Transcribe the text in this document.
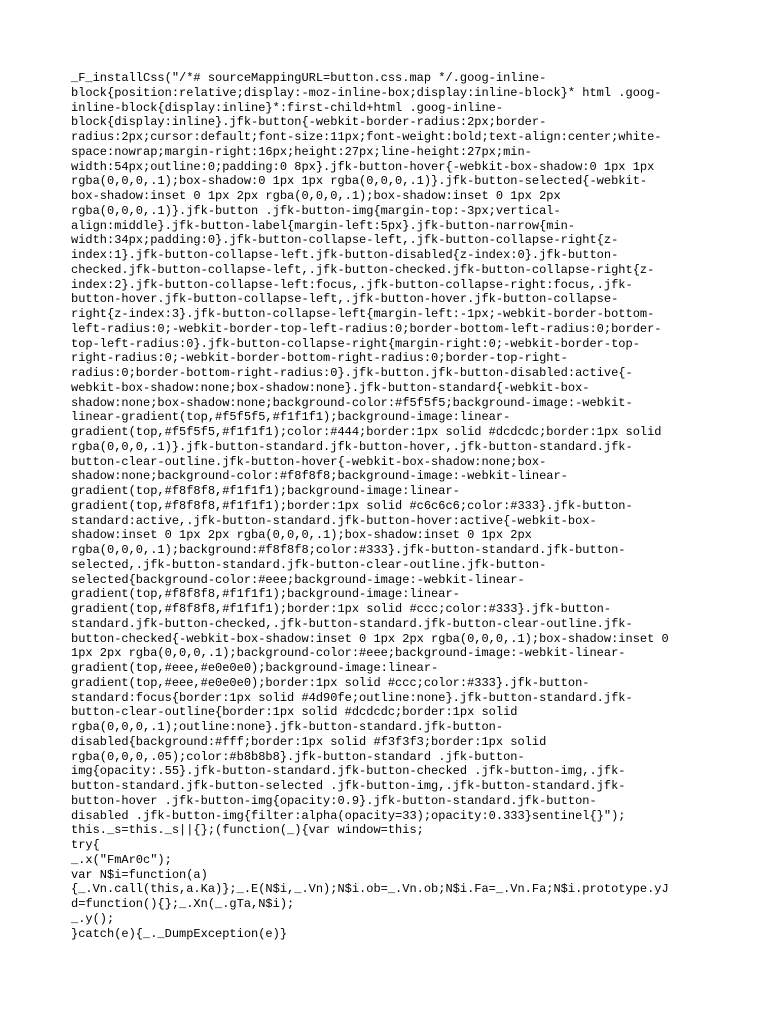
_F_installCss("/*# sourceMappingURL=button.css.map */.goog-inline-
block{position:relative;display:-moz-inline-box;display:inline-block}* html .goog-
inline-block{display:inline}*:first-child+html .goog-inline-
block{display:inline}.jfk-button{-webkit-border-radius:2px;border-
radius:2px;cursor:default;font-size:11px;font-weight:bold;text-align:center;white-
space:nowrap;margin-right:16px;height:27px;line-height:27px;min-
width:54px;outline:0;padding:0 8px}.jfk-button-hover{-webkit-box-shadow:0 1px 1px
rgba(0,0,0,.1);box-shadow:0 1px 1px rgba(0,0,0,.1)}.jfk-button-selected{-webkit-
box-shadow:inset 0 1px 2px rgba(0,0,0,.1);box-shadow:inset 0 1px 2px
rgba(0,0,0,.1)}.jfk-button .jfk-button-img{margin-top:-3px;vertical-
align:middle}.jfk-button-label{margin-left:5px}.jfk-button-narrow{min-
width:34px;padding:0}.jfk-button-collapse-left,.jfk-button-collapse-right{z-
index:1}.jfk-button-collapse-left.jfk-button-disabled{z-index:0}.jfk-button-
checked.jfk-button-collapse-left,.jfk-button-checked.jfk-button-collapse-right{z-
index:2}.jfk-button-collapse-left:focus,.jfk-button-collapse-right:focus,.jfk-
button-hover.jfk-button-collapse-left,.jfk-button-hover.jfk-button-collapse-
right{z-index:3}.jfk-button-collapse-left{margin-left:-1px;-webkit-border-bottom-
left-radius:0;-webkit-border-top-left-radius:0;border-bottom-left-radius:0;border-
top-left-radius:0}.jfk-button-collapse-right{margin-right:0;-webkit-border-top-
right-radius:0;-webkit-border-bottom-right-radius:0;border-top-right-
radius:0;border-bottom-right-radius:0}.jfk-button.jfk-button-disabled:active{-
webkit-box-shadow:none;box-shadow:none}.jfk-button-standard{-webkit-box-
shadow:none;box-shadow:none;background-color:#f5f5f5;background-image:-webkit-
linear-gradient(top,#f5f5f5,#f1f1f1);background-image:linear-
gradient(top,#f5f5f5,#f1f1f1);color:#444;border:1px solid #dcdcdc;border:1px solid
rgba(0,0,0,.1)}.jfk-button-standard.jfk-button-hover,.jfk-button-standard.jfk-
button-clear-outline.jfk-button-hover{-webkit-box-shadow:none;box-
shadow:none;background-color:#f8f8f8;background-image:-webkit-linear-
gradient(top,#f8f8f8,#f1f1f1);background-image:linear-
gradient(top,#f8f8f8,#f1f1f1);border:1px solid #c6c6c6;color:#333}.jfk-button-
standard:active,.jfk-button-standard.jfk-button-hover:active{-webkit-box-
shadow:inset 0 1px 2px rgba(0,0,0,.1);box-shadow:inset 0 1px 2px
rgba(0,0,0,.1);background:#f8f8f8;color:#333}.jfk-button-standard.jfk-button-
selected,.jfk-button-standard.jfk-button-clear-outline.jfk-button-
selected{background-color:#eee;background-image:-webkit-linear-
gradient(top,#f8f8f8,#f1f1f1);background-image:linear-
gradient(top,#f8f8f8,#f1f1f1);border:1px solid #ccc;color:#333}.jfk-button-
standard.jfk-button-checked,.jfk-button-standard.jfk-button-clear-outline.jfk-
button-checked{-webkit-box-shadow:inset 0 1px 2px rgba(0,0,0,.1);box-shadow:inset 0
1px 2px rgba(0,0,0,.1);background-color:#eee;background-image:-webkit-linear-
gradient(top,#eee,#e0e0e0);background-image:linear-
gradient(top,#eee,#e0e0e0);border:1px solid #ccc;color:#333}.jfk-button-
standard:focus{border:1px solid #4d90fe;outline:none}.jfk-button-standard.jfk-
button-clear-outline{border:1px solid #dcdcdc;border:1px solid
rgba(0,0,0,.1);outline:none}.jfk-button-standard.jfk-button-
disabled{background:#fff;border:1px solid #f3f3f3;border:1px solid
rgba(0,0,0,.05);color:#b8b8b8}.jfk-button-standard .jfk-button-
img{opacity:.55}.jfk-button-standard.jfk-button-checked .jfk-button-img,.jfk-
button-standard.jfk-button-selected .jfk-button-img,.jfk-button-standard.jfk-
button-hover .jfk-button-img{opacity:0.9}.jfk-button-standard.jfk-button-
disabled .jfk-button-img{filter:alpha(opacity=33);opacity:0.333}sentinel{}");
this._s=this._s||{};(function(_){var window=this;
try{
_.x("FmAr0c");
var N$i=function(a)
{_.Vn.call(this,a.Ka)};_.E(N$i,_.Vn);N$i.ob=_.Vn.ob;N$i.Fa=_.Vn.Fa;N$i.prototype.yJ
d=function(){};_.Xn(_.gTa,N$i);
_.y();
}catch(e){_._DumpException(e)}
